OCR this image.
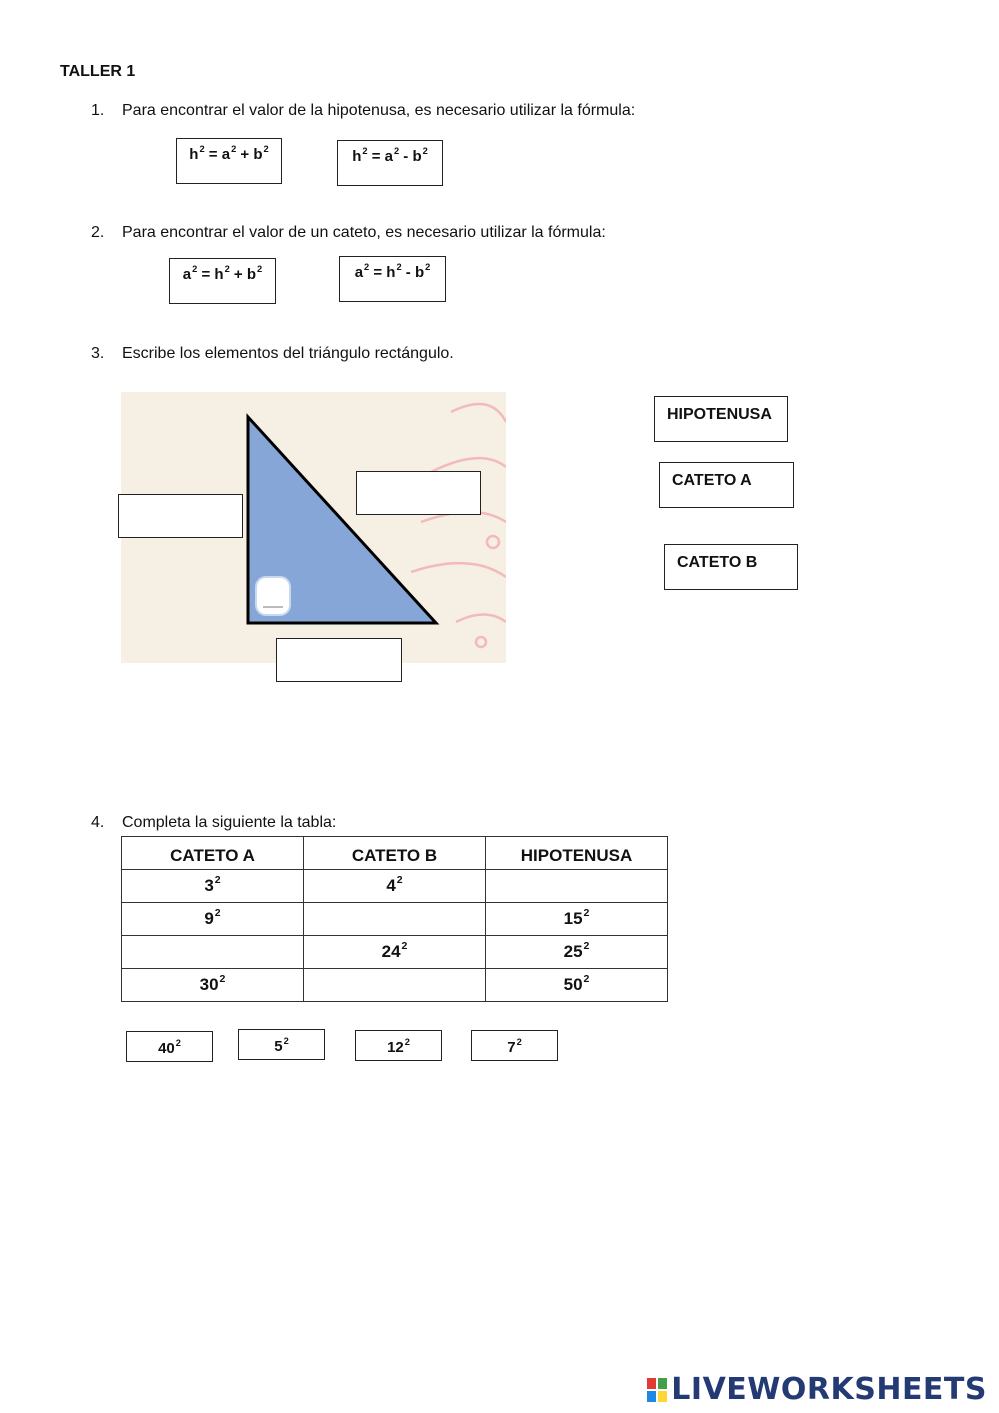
TALLER 1
1. Para encontrar el valor de la hipotenusa, es necesario utilizar la fórmula:
$h^2 = a^2 + b^2$	$h^2 = a^2 - b^2$
2. Para encontrar el valor de un cateto, es necesario utilizar la fórmula:
$a^2 = h^2 + b^2$	$a^2 = h^2 - b^2$
3. Escribe los elementos del triángulo rectángulo.
HIPOTENUSA
CATETO A
CATETO B
4. Completa la siguiente la tabla:
CATETO A	CATETO B	HIPOTENUSA
$3^2$	$4^2$	
$9^2$		$15^2$
	$24^2$	$25^2$
$30^2$		$50^2$
$40^2$	$5^2$	$12^2$	$7^2$
LIVEWORKSHEETS
